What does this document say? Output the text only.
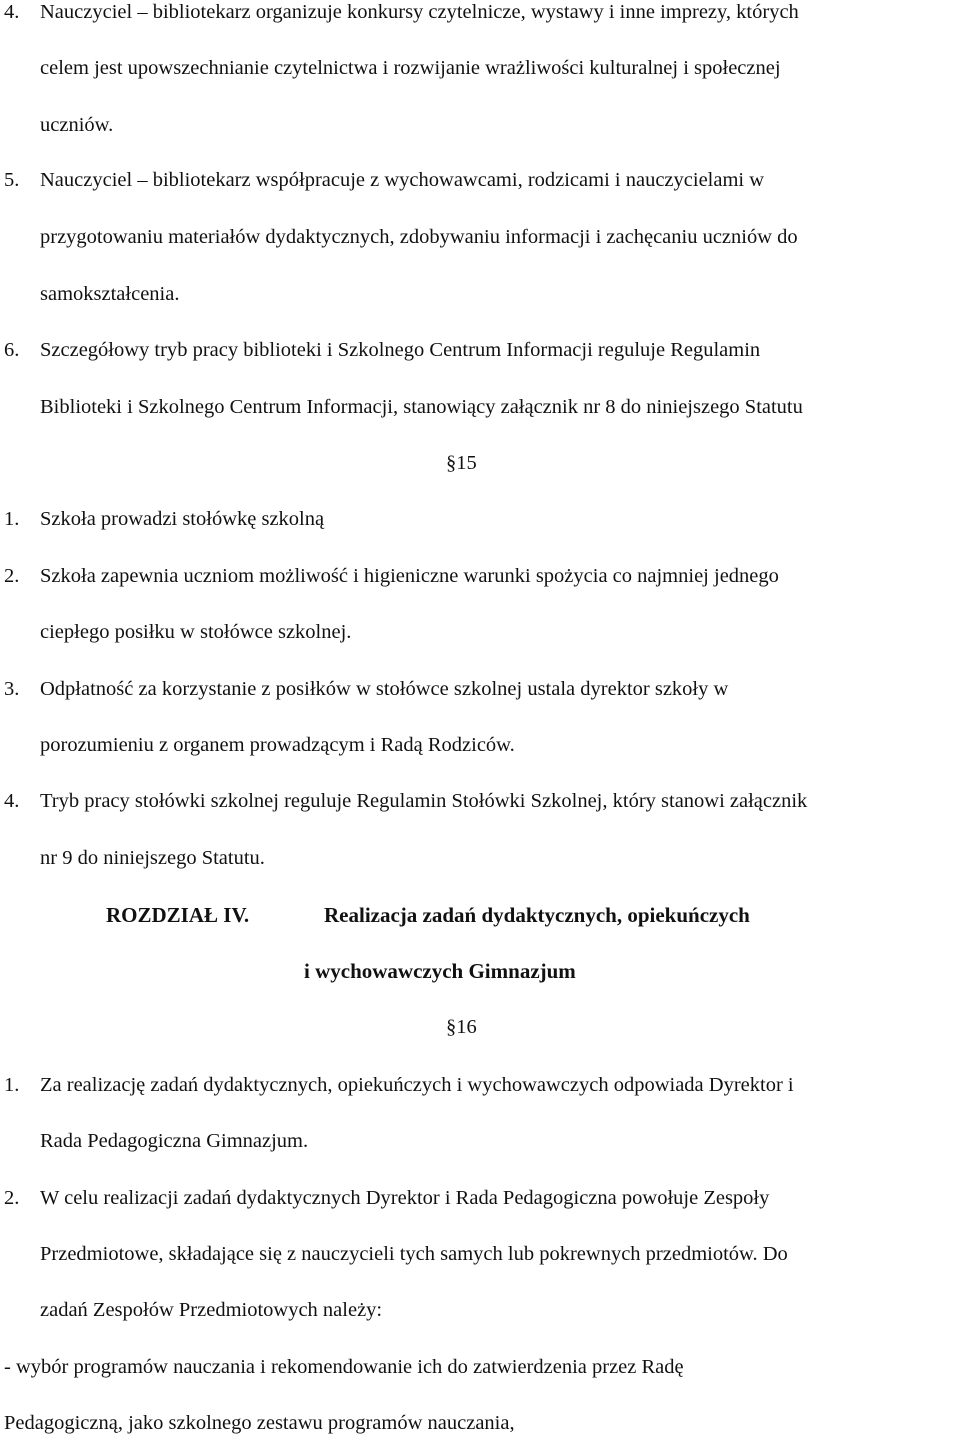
4. Nauczyciel – bibliotekarz organizuje konkursy czytelnicze, wystawy i inne imprezy, których
celem jest upowszechnianie czytelnictwa i rozwijanie wrażliwości kulturalnej i społecznej
uczniów.
5. Nauczyciel – bibliotekarz współpracuje z wychowawcami, rodzicami i nauczycielami w
przygotowaniu materiałów dydaktycznych, zdobywaniu informacji i zachęcaniu uczniów do
samokształcenia.
6. Szczegółowy tryb pracy biblioteki i Szkolnego Centrum Informacji reguluje Regulamin
Biblioteki i Szkolnego Centrum Informacji, stanowiący załącznik nr 8 do niniejszego Statutu
§15
1. Szkoła prowadzi stołówkę szkolną
2. Szkoła zapewnia uczniom możliwość i higieniczne warunki spożycia co najmniej jednego
ciepłego posiłku w stołówce szkolnej.
3. Odpłatność za korzystanie z posiłków w stołówce szkolnej ustala dyrektor szkoły w
porozumieniu z organem prowadzącym i Radą Rodziców.
4. Tryb pracy stołówki szkolnej reguluje Regulamin Stołówki Szkolnej, który stanowi załącznik
nr 9 do niniejszego Statutu.
ROZDZIAŁ IV.	Realizacja zadań dydaktycznych, opiekuńczych
i wychowawczych Gimnazjum
§16
1. Za realizację zadań dydaktycznych, opiekuńczych i wychowawczych odpowiada Dyrektor i
Rada Pedagogiczna Gimnazjum.
2. W celu realizacji zadań dydaktycznych Dyrektor i Rada Pedagogiczna powołuje Zespoły
Przedmiotowe, składające się z nauczycieli tych samych lub pokrewnych przedmiotów. Do
zadań Zespołów Przedmiotowych należy:
- wybór programów nauczania i rekomendowanie ich do zatwierdzenia przez Radę
Pedagogiczną, jako szkolnego zestawu programów nauczania,
